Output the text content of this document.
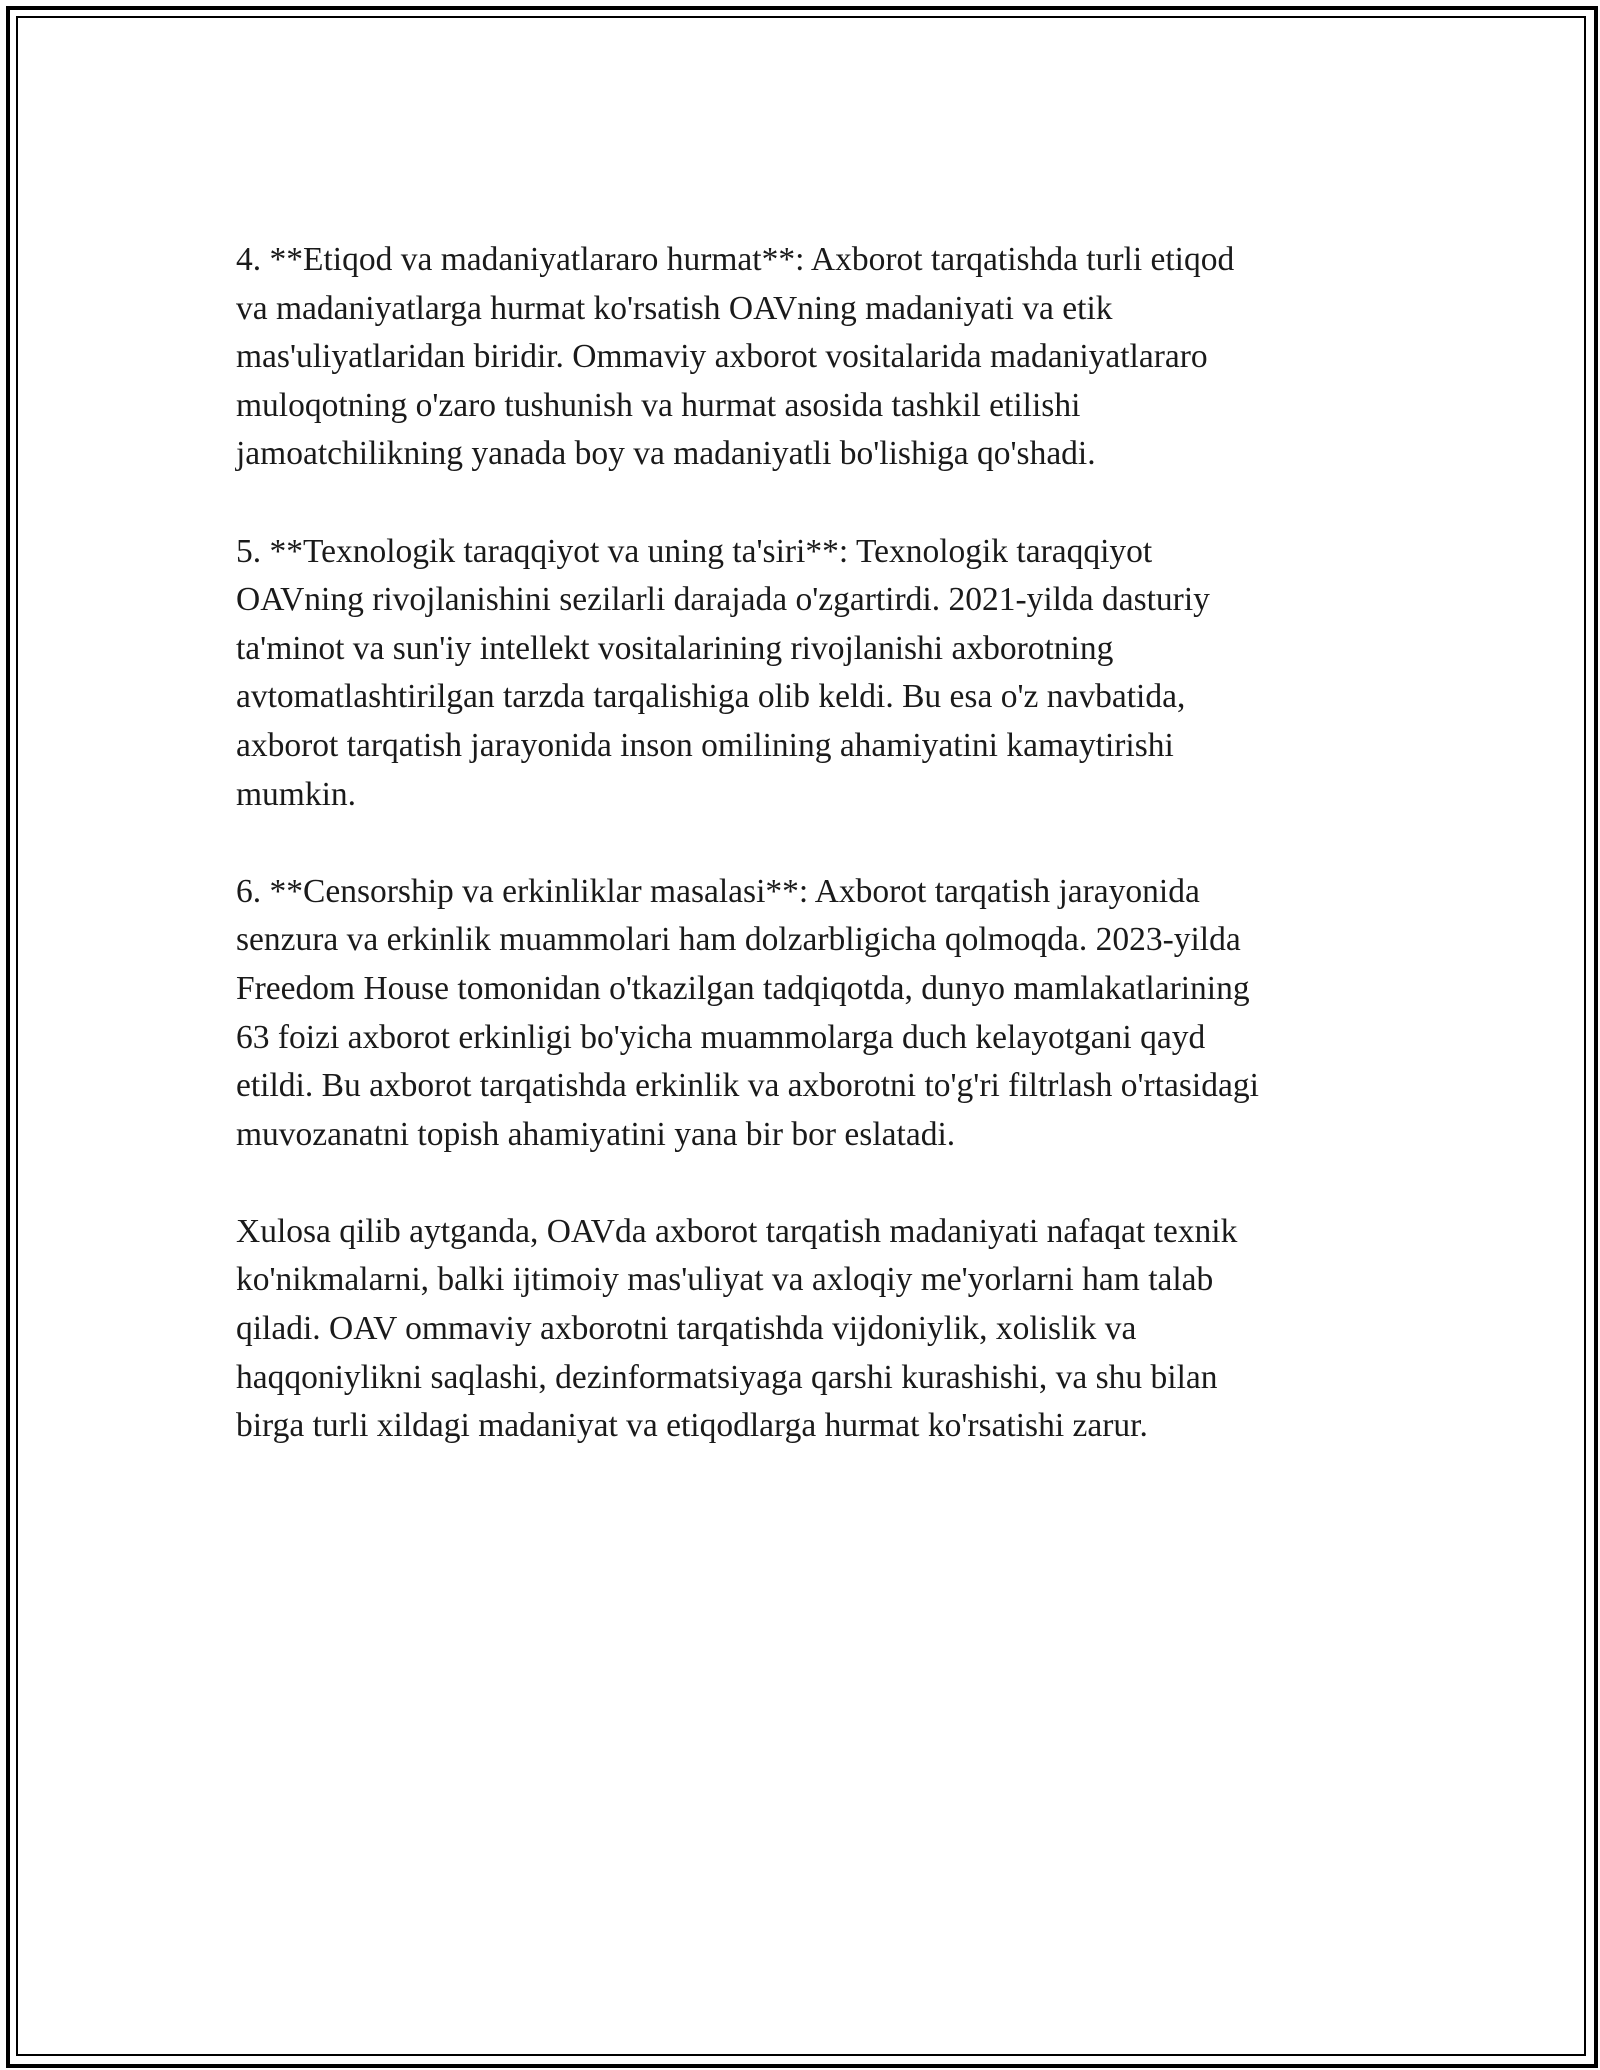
4. **Etiqod va madaniyatlararo hurmat**: Axborot tarqatishda turli etiqod
va madaniyatlarga hurmat ko'rsatish OAVning madaniyati va etik
mas'uliyatlaridan biridir. Ommaviy axborot vositalarida madaniyatlararo
muloqotning o'zaro tushunish va hurmat asosida tashkil etilishi
jamoatchilikning yanada boy va madaniyatli bo'lishiga qo'shadi.

5. **Texnologik taraqqiyot va uning ta'siri**: Texnologik taraqqiyot
OAVning rivojlanishini sezilarli darajada o'zgartirdi. 2021-yilda dasturiy
ta'minot va sun'iy intellekt vositalarining rivojlanishi axborotning
avtomatlashtirilgan tarzda tarqalishiga olib keldi. Bu esa o'z navbatida,
axborot tarqatish jarayonida inson omilining ahamiyatini kamaytirishi
mumkin.

6. **Censorship va erkinliklar masalasi**: Axborot tarqatish jarayonida
senzura va erkinlik muammolari ham dolzarbligicha qolmoqda. 2023-yilda
Freedom House tomonidan o'tkazilgan tadqiqotda, dunyo mamlakatlarining
63 foizi axborot erkinligi bo'yicha muammolarga duch kelayotgani qayd
etildi. Bu axborot tarqatishda erkinlik va axborotni to'g'ri filtrlash o'rtasidagi
muvozanatni topish ahamiyatini yana bir bor eslatadi.

Xulosa qilib aytganda, OAVda axborot tarqatish madaniyati nafaqat texnik
ko'nikmalarni, balki ijtimoiy mas'uliyat va axloqiy me'yorlarni ham talab
qiladi. OAV ommaviy axborotni tarqatishda vijdoniylik, xolislik va
haqqoniylikni saqlashi, dezinformatsiyaga qarshi kurashishi, va shu bilan
birga turli xildagi madaniyat va etiqodlarga hurmat ko'rsatishi zarur.
